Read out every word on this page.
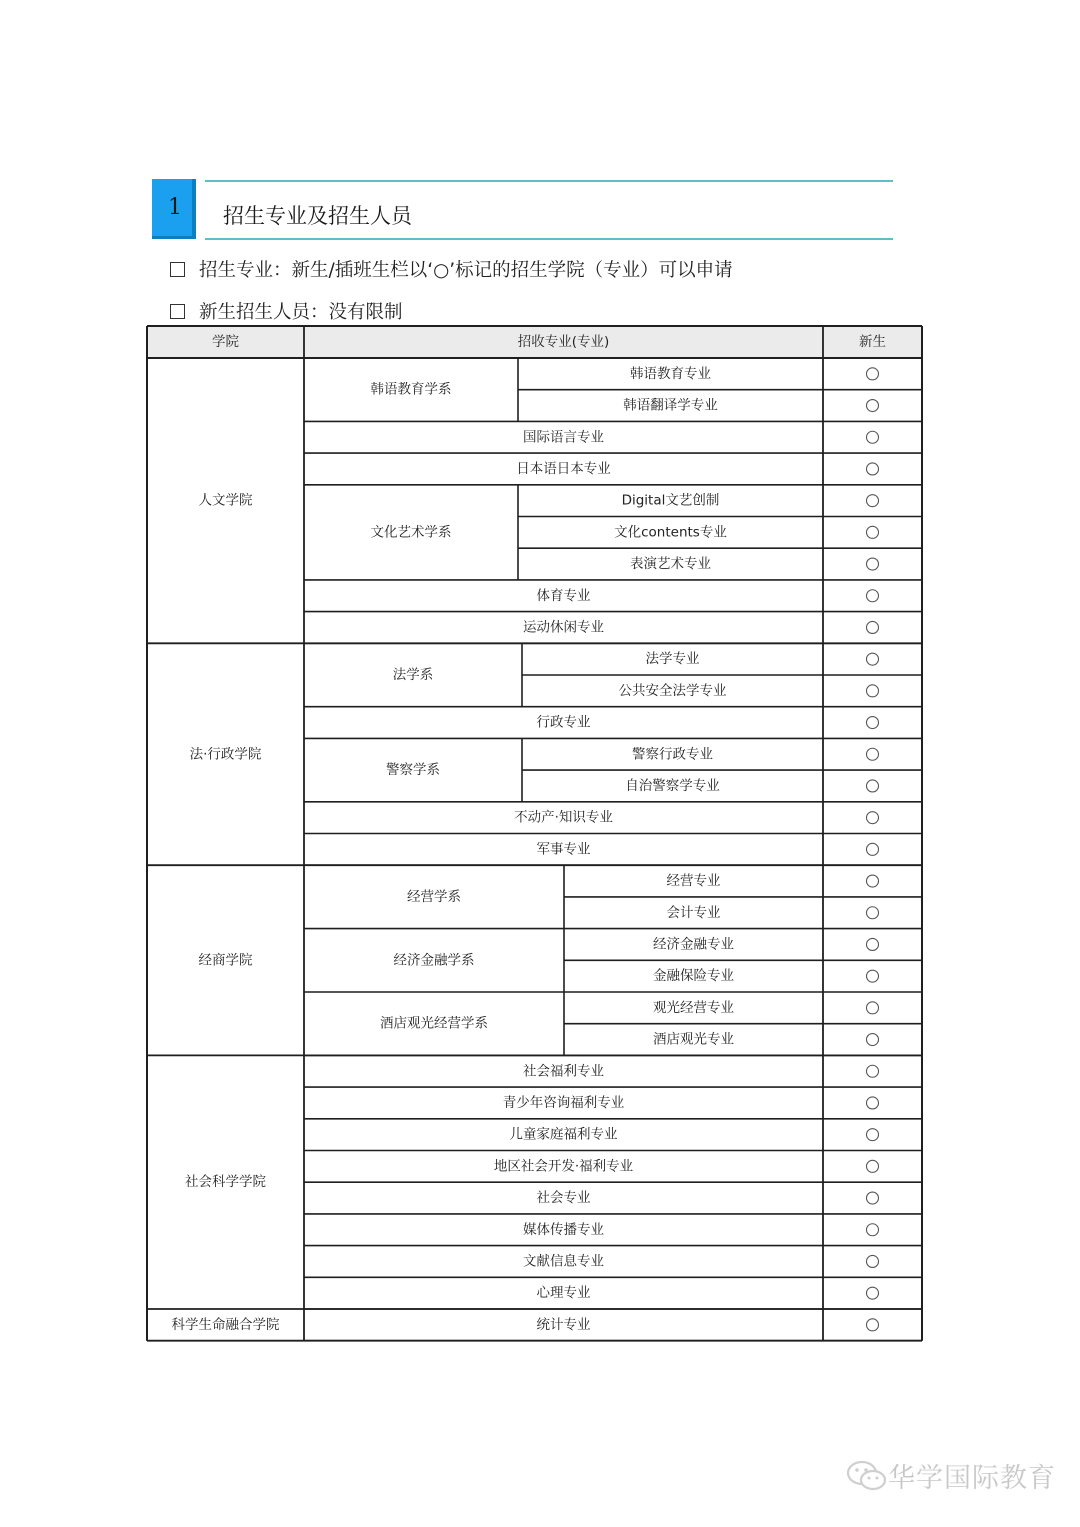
1 招生专业及招生人员
招生专业：新生/插班生栏以‘○’标记的招生学院（专业）可以申请
新生招生人员：没有限制
学院	招收专业(专业)	新生
韩语教育专业
韩语翻译学专业
韩语教育学系
国际语言专业
日本语日本专业
Digital文艺创制
文化contents专业
表演艺术专业
文化艺术学系
体育专业
运动休闲专业
人文学院
法学专业
公共安全法学专业
法学系
行政专业
警察行政专业
自治警察学专业
警察学系
不动产·知识专业
军事专业
法·行政学院
经营专业
会计专业
经营学系
经济金融专业
金融保险专业
经济金融学系
观光经营专业
酒店观光专业
酒店观光经营学系
经商学院
社会福利专业
青少年咨询福利专业
儿童家庭福利专业
地区社会开发·福利专业
社会专业
媒体传播专业
文献信息专业
心理专业
社会科学学院
统计专业
科学生命融合学院
华学国际教育
